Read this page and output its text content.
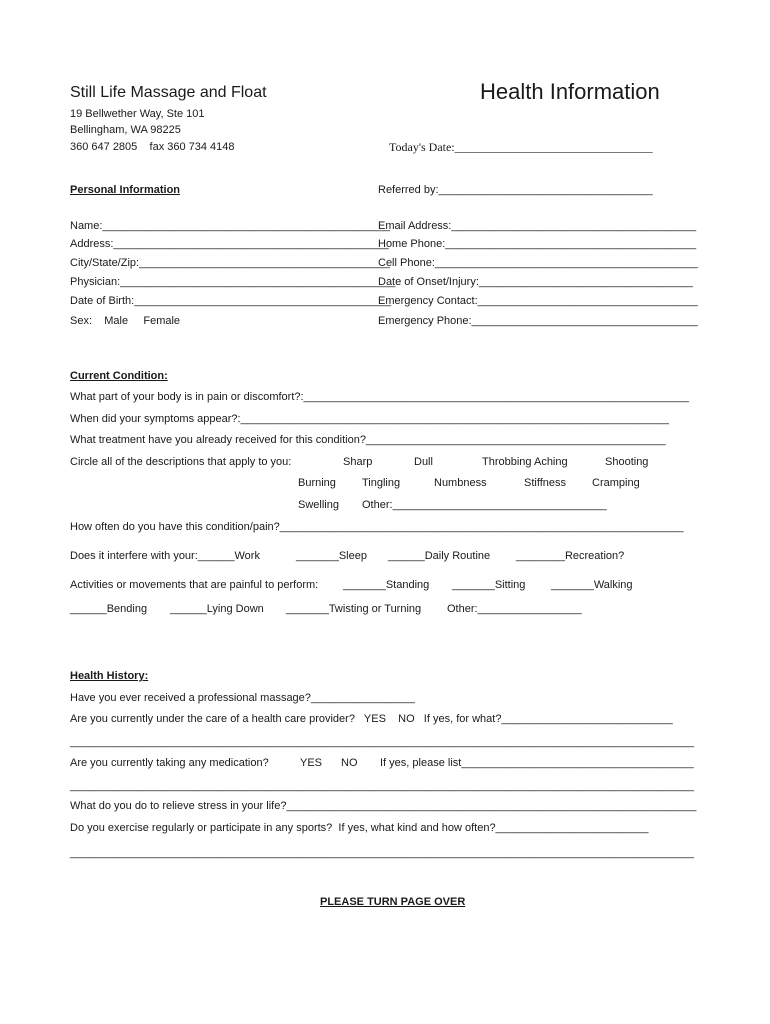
Still Life Massage and Float	Health Information
19 Bellwether Way, Ste 101
Bellingham, WA 98225
360 647 2805    fax 360 734 4148	Today's Date:_________________________________
Personal Information	Referred by:___________________________________
Name:_______________________________________________
Address:_____________________________________________
City/State/Zip:_________________________________________
Physician:_____________________________________________
Date of Birth:__________________________________________
Sex:    Male     Female
Email Address:________________________________________
Home Phone:_________________________________________
Cell Phone:___________________________________________
Date of Onset/Injury:___________________________________
Emergency Contact:____________________________________
Emergency Phone:_____________________________________
Current Condition:
What part of your body is in pain or discomfort?:_______________________________________________________________
When did your symptoms appear?:______________________________________________________________________
What treatment have you already received for this condition?_________________________________________________
Circle all of the descriptions that apply to you:	Sharp	Dull	Throbbing Aching	Shooting
Burning Tingling	Numbness	Stiffness Cramping
Swelling Other:___________________________________
How often do you have this condition/pain?__________________________________________________________________
Does it interfere with your:______Work	_______Sleep ______Daily Routine ________Recreation?
Activities or movements that are painful to perform: _______Standing _______Sitting _______Walking
______Bending ______Lying Down _______Twisting or Turning Other:_________________
Health History:
Have you ever received a professional massage?_________________
Are you currently under the care of a health care provider?   YES    NO   If yes, for what?____________________________
______________________________________________________________________________________________________
Are you currently taking any medication?	YES NO If yes, please list______________________________________
______________________________________________________________________________________________________
What do you do to relieve stress in your life?___________________________________________________________________
Do you exercise regularly or participate in any sports?  If yes, what kind and how often?_________________________
______________________________________________________________________________________________________
PLEASE TURN PAGE OVER
